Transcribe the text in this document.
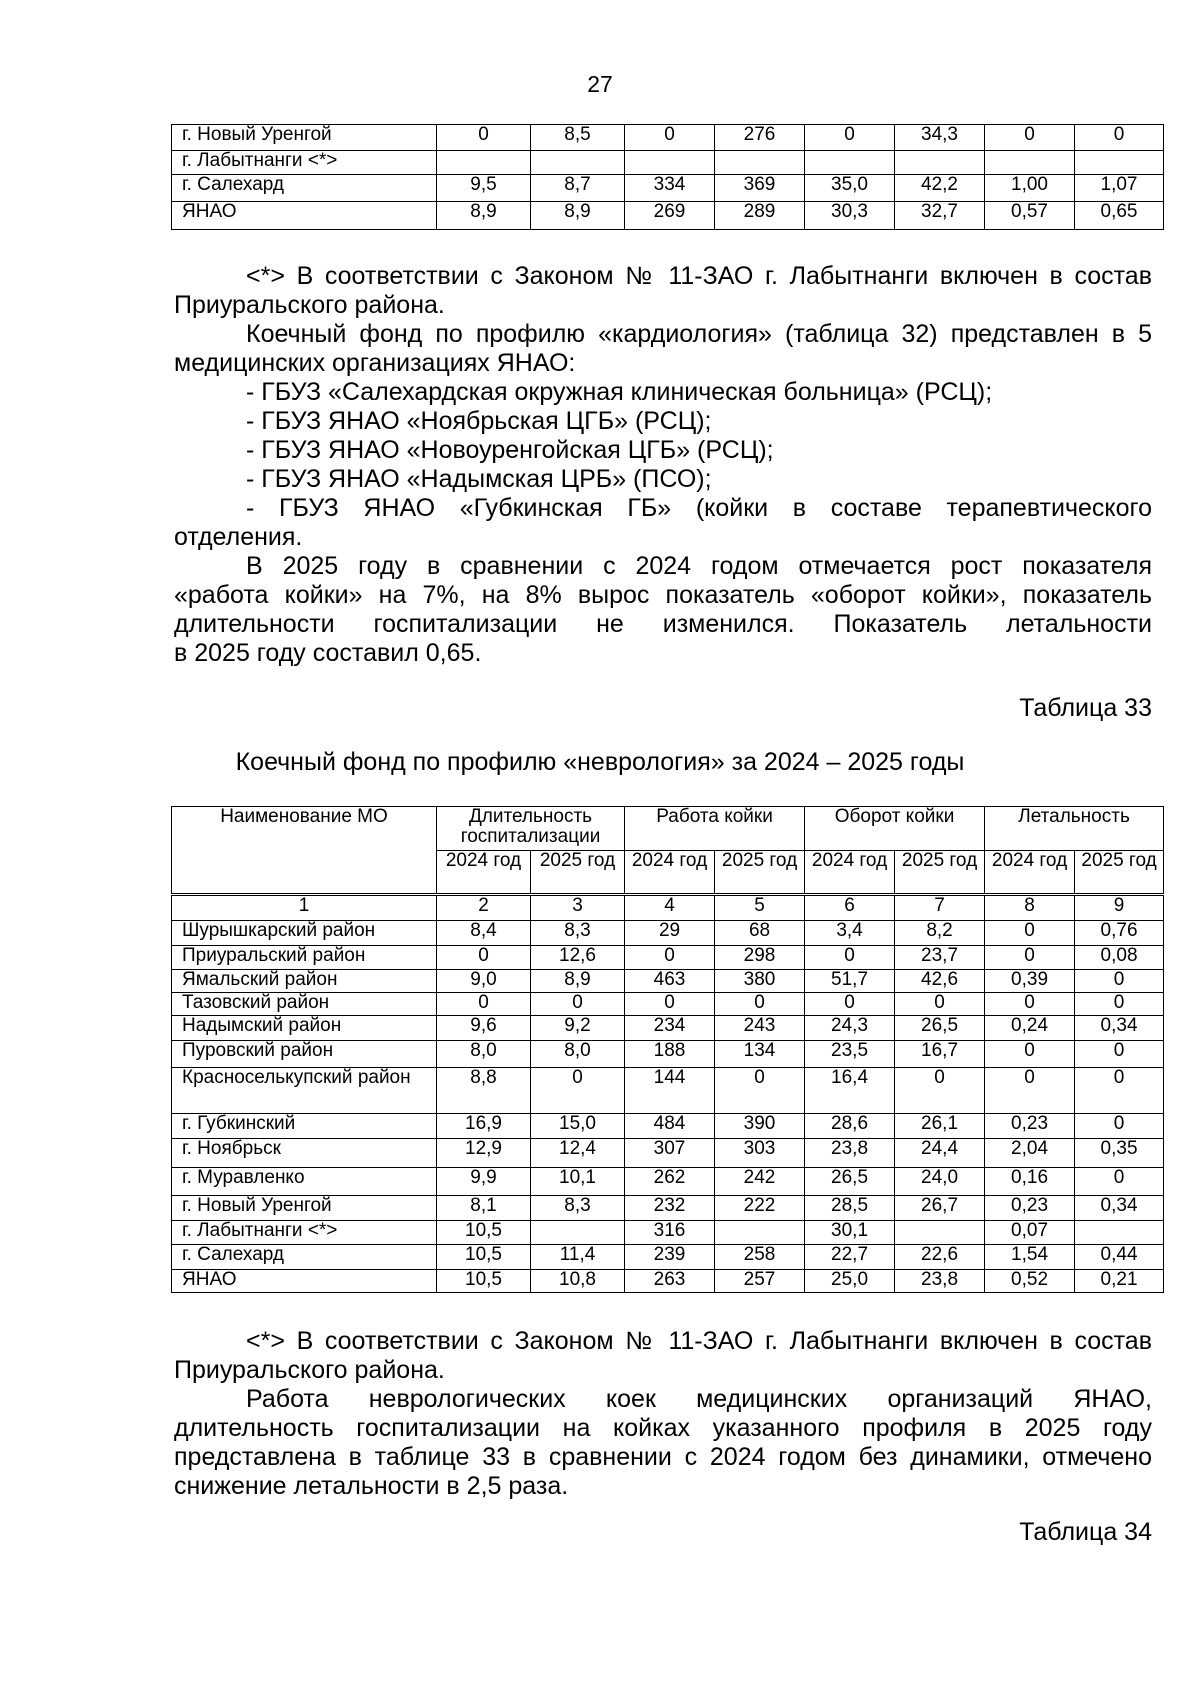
27
г. Новый Уренгой	0	8,5	0	276	0	34,3	0	0
г. Лабытнанги <*>								
г. Салехард	9,5	8,7	334	369	35,0	42,2	1,00	1,07
ЯНАО	8,9	8,9	269	289	30,3	32,7	0,57	0,65
<*> В соответствии с Законом № 11-ЗАО г. Лабытнанги включен в состав
Приуральского района.
Коечный фонд по профилю «кардиология» (таблица 32) представлен в 5
медицинских организациях ЯНАО:
- ГБУЗ «Салехардская окружная клиническая больница» (РСЦ);
- ГБУЗ ЯНАО «Ноябрьская ЦГБ» (РСЦ);
- ГБУЗ ЯНАО «Новоуренгойская ЦГБ» (РСЦ);
- ГБУЗ ЯНАО «Надымская ЦРБ» (ПСО);
- ГБУЗ ЯНАО «Губкинская ГБ» (койки в составе терапевтического
отделения.
В 2025 году в сравнении с 2024 годом отмечается рост показателя
«работа койки» на 7%, на 8% вырос показатель «оборот койки», показатель
длительности госпитализации не изменился. Показатель летальности
в 2025 году составил 0,65.
Таблица 33
Коечный фонд по профилю «неврология» за 2024 – 2025 годы
Наименование МО	Длительность госпитализации		Работа койки		Оборот койки		Летальность	
	2024 год	2025 год	2024 год	2025 год	2024 год	2025 год	2024 год	2025 год
1	2	3	4	5	6	7	8	9
Шурышкарский район	8,4	8,3	29	68	3,4	8,2	0	0,76
Приуральский район	0	12,6	0	298	0	23,7	0	0,08
Ямальский район	9,0	8,9	463	380	51,7	42,6	0,39	0
Тазовский район	0	0	0	0	0	0	0	0
Надымский район	9,6	9,2	234	243	24,3	26,5	0,24	0,34
Пуровский район	8,0	8,0	188	134	23,5	16,7	0	0
Красноселькупский район	8,8	0	144	0	16,4	0	0	0
г. Губкинский	16,9	15,0	484	390	28,6	26,1	0,23	0
г. Ноябрьск	12,9	12,4	307	303	23,8	24,4	2,04	0,35
г. Муравленко	9,9	10,1	262	242	26,5	24,0	0,16	0
г. Новый Уренгой	8,1	8,3	232	222	28,5	26,7	0,23	0,34
г. Лабытнанги <*>	10,5		316		30,1		0,07	
г. Салехард	10,5	11,4	239	258	22,7	22,6	1,54	0,44
ЯНАО	10,5	10,8	263	257	25,0	23,8	0,52	0,21
<*> В соответствии с Законом № 11-ЗАО г. Лабытнанги включен в состав
Приуральского района.
Работа неврологических коек медицинских организаций ЯНАО,
длительность госпитализации на койках указанного профиля в 2025 году
представлена в таблице 33 в сравнении с 2024 годом без динамики, отмечено
снижение летальности в 2,5 раза.
Таблица 34
